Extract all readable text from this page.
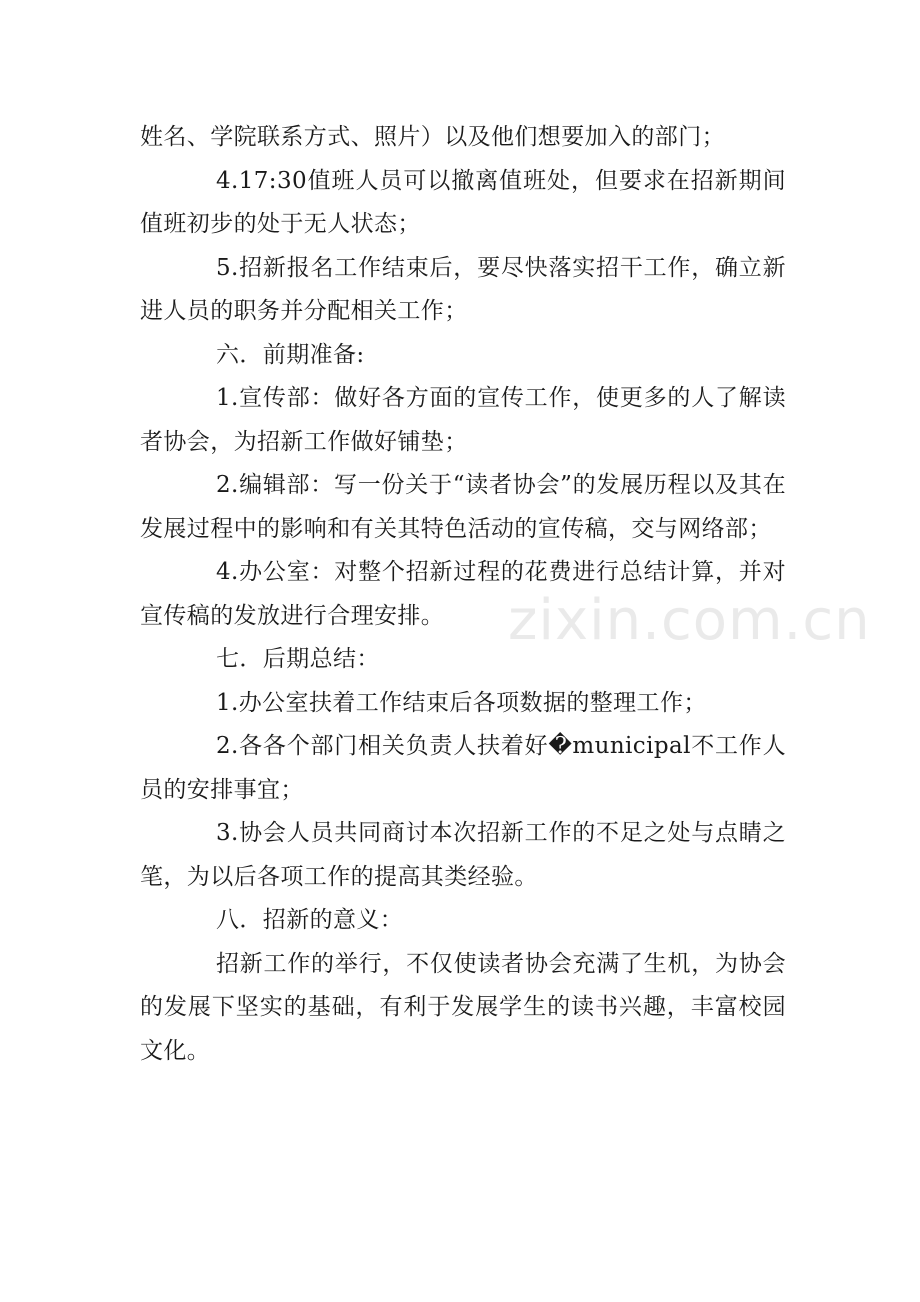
姓名、学院联系方式、照片）以及他们想要加入的部门；

4.17:30值班人员可以撤离值班处，但要求在招新期间值班初步的处于无人状态；

5.招新报名工作结束后，要尽快落实招干工作，确立新进人员的职务并分配相关工作；

六．前期准备:

1.宣传部：做好各方面的宣传工作，使更多的人了解读者协会，为招新工作做好铺垫；

2.编辑部：写一份关于“读者协会”的发展历程以及其在发展过程中的影响和有关其特色活动的宣传稿，交与网络部；

4.办公室：对整个招新过程的花费进行总结计算，并对宣传稿的发放进行合理安排。

七．后期总结：

1.办公室扶着工作结束后各项数据的整理工作；

2.各各个部门相关负责人扶着好�municipal不工作人员的安排事宜；

3.协会人员共同商讨本次招新工作的不足之处与点睛之笔，为以后各项工作的提高其类经验。

八．招新的意义：

招新工作的举行，不仅使读者协会充满了生机，为协会的发展下坚实的基础，有利于发展学生的读书兴趣，丰富校园文化。

zixin.com.cn
